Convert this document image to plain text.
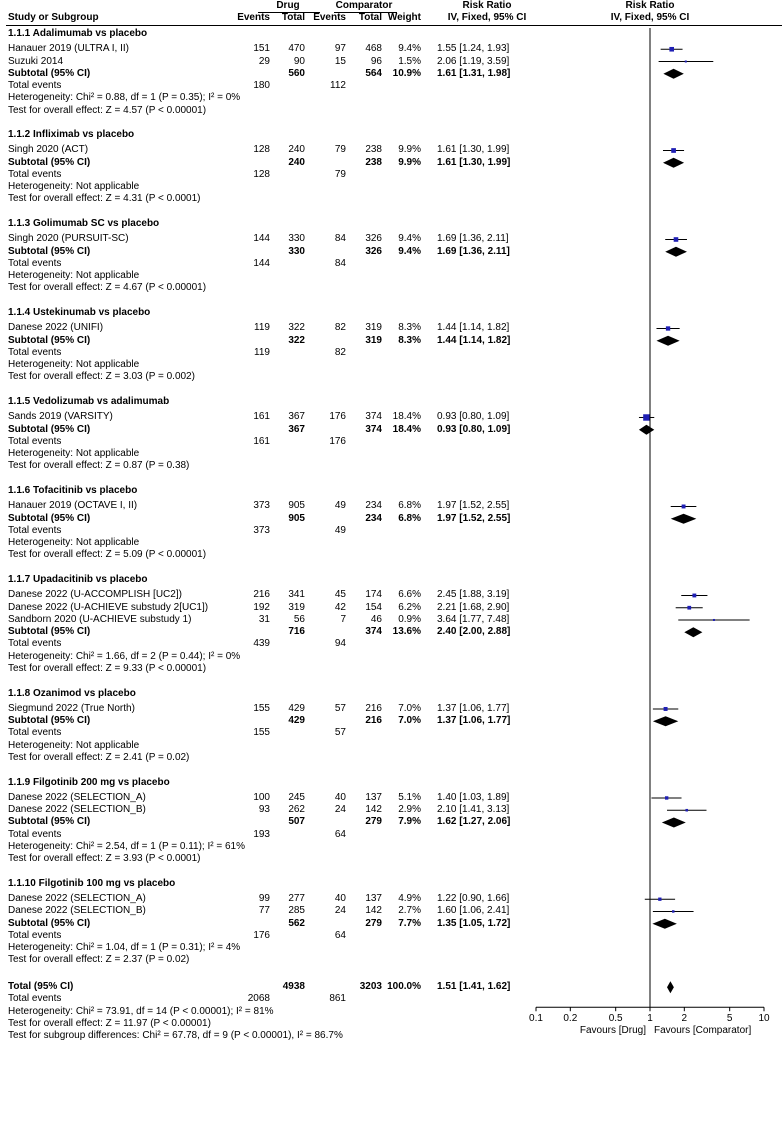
0.1 0.2	0.5 1	2	5	10
Favours [Drug] Favours [Comparator]
Drug	Comparator	Risk Ratio	Risk Ratio
Study or Subgroup	Events Total Events Total Weight	IV, Fixed, 95% CI	IV, Fixed, 95% CI
1.1.1 Adalimumab vs placebo
Hanauer 2019 (ULTRA I, II)	151 470	97 468 9.4% 1.55 [1.24, 1.93]
Suzuki 2014	29 90	15 96 1.5% 2.06 [1.19, 3.59]
Subtotal (95% CI)	560	564 10.9% 1.61 [1.31, 1.98]
Total events	180	112
Heterogeneity: Chi² = 0.88, df = 1 (P = 0.35); I² = 0%
Test for overall effect: Z = 4.57 (P < 0.00001)
1.1.2 Infliximab vs placebo
Singh 2020 (ACT)	128 240	79 238 9.9% 1.61 [1.30, 1.99]
Subtotal (95% CI)	240	238 9.9% 1.61 [1.30, 1.99]
Total events	128	79
Heterogeneity: Not applicable
Test for overall effect: Z = 4.31 (P < 0.0001)
1.1.3 Golimumab SC vs placebo
Singh 2020 (PURSUIT-SC)	144 330	84 326 9.4% 1.69 [1.36, 2.11]
Subtotal (95% CI)	330	326 9.4% 1.69 [1.36, 2.11]
Total events	144	84
Heterogeneity: Not applicable
Test for overall effect: Z = 4.67 (P < 0.00001)
1.1.4 Ustekinumab vs placebo
Danese 2022 (UNIFI)	119 322	82 319 8.3% 1.44 [1.14, 1.82]
Subtotal (95% CI)	322	319 8.3% 1.44 [1.14, 1.82]
Total events	119	82
Heterogeneity: Not applicable
Test for overall effect: Z = 3.03 (P = 0.002)
1.1.5 Vedolizumab vs adalimumab
Sands 2019 (VARSITY)	161 367 176 374 18.4% 0.93 [0.80, 1.09]
Subtotal (95% CI)	367	374 18.4% 0.93 [0.80, 1.09]
Total events	161	176
Heterogeneity: Not applicable
Test for overall effect: Z = 0.87 (P = 0.38)
1.1.6 Tofacitinib vs placebo
Hanauer 2019 (OCTAVE I, II)	373 905	49 234 6.8% 1.97 [1.52, 2.55]
Subtotal (95% CI)	905	234 6.8% 1.97 [1.52, 2.55]
Total events	373	49
Heterogeneity: Not applicable
Test for overall effect: Z = 5.09 (P < 0.00001)
1.1.7 Upadacitinib vs placebo
Danese 2022 (U-ACCOMPLISH [UC2])	216 341	45 174 6.6% 2.45 [1.88, 3.19]
Danese 2022 (U-ACHIEVE substudy 2[UC1])	192 319	42 154 6.2% 2.21 [1.68, 2.90]
Sandborn 2020 (U-ACHIEVE substudy 1)	31 56	7 46 0.9% 3.64 [1.77, 7.48]
Subtotal (95% CI)	716	374 13.6% 2.40 [2.00, 2.88]
Total events	439	94
Heterogeneity: Chi² = 1.66, df = 2 (P = 0.44); I² = 0%
Test for overall effect: Z = 9.33 (P < 0.00001)
1.1.8 Ozanimod vs placebo
Siegmund 2022 (True North)	155 429	57 216 7.0% 1.37 [1.06, 1.77]
Subtotal (95% CI)	429	216 7.0% 1.37 [1.06, 1.77]
Total events	155	57
Heterogeneity: Not applicable
Test for overall effect: Z = 2.41 (P = 0.02)
1.1.9 Filgotinib 200 mg vs placebo
Danese 2022 (SELECTION_A)	100 245	40 137 5.1% 1.40 [1.03, 1.89]
Danese 2022 (SELECTION_B)	93 262	24 142 2.9% 2.10 [1.41, 3.13]
Subtotal (95% CI)	507	279 7.9% 1.62 [1.27, 2.06]
Total events	193	64
Heterogeneity: Chi² = 2.54, df = 1 (P = 0.11); I² = 61%
Test for overall effect: Z = 3.93 (P < 0.0001)
1.1.10 Filgotinib 100 mg vs placebo
Danese 2022 (SELECTION_A)	99 277	40 137 4.9% 1.22 [0.90, 1.66]
Danese 2022 (SELECTION_B)	77 285	24 142 2.7% 1.60 [1.06, 2.41]
Subtotal (95% CI)	562	279 7.7% 1.35 [1.05, 1.72]
Total events	176	64
Heterogeneity: Chi² = 1.04, df = 1 (P = 0.31); I² = 4%
Test for overall effect: Z = 2.37 (P = 0.02)
Total (95% CI)	4938	3203 100.0% 1.51 [1.41, 1.62]
Total events	2068	861
Heterogeneity: Chi² = 73.91, df = 14 (P < 0.00001); I² = 81%
Test for overall effect: Z = 11.97 (P < 0.00001)
Test for subgroup differences: Chi² = 67.78, df = 9 (P < 0.00001), I² = 86.7%
